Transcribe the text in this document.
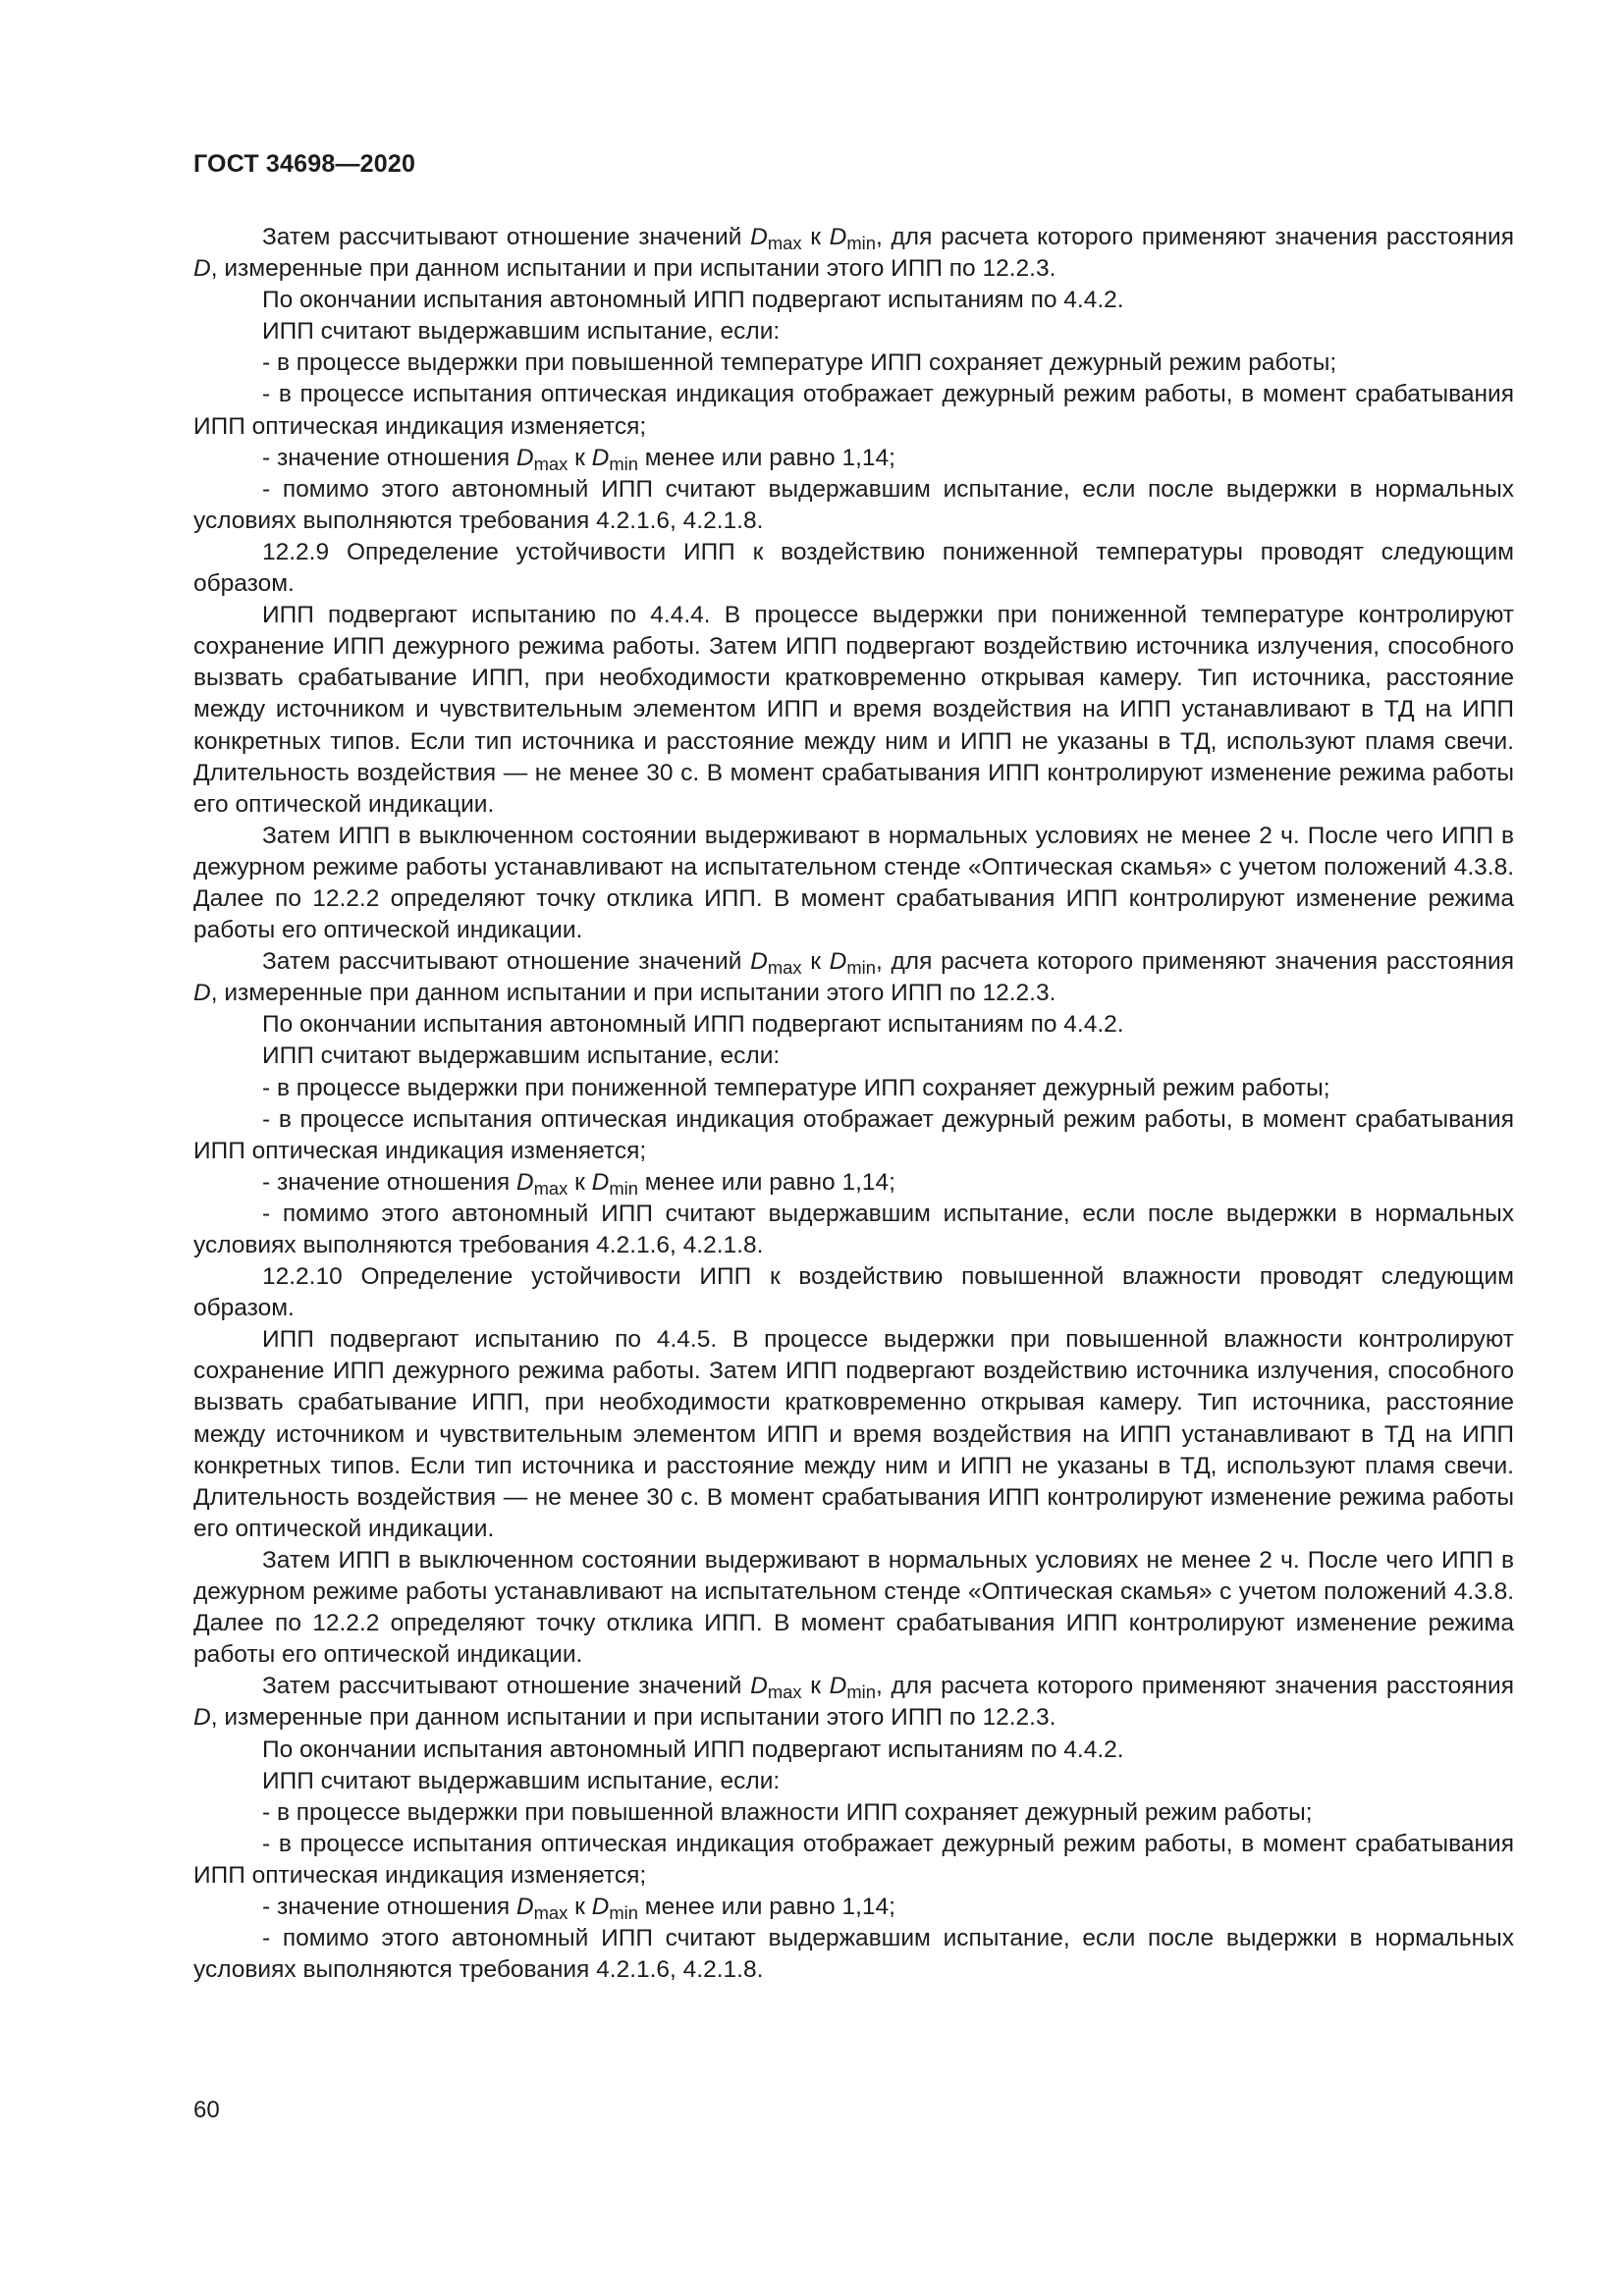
ГОСТ 34698—2020

Затем рассчитывают отношение значений $D_{max}$ к $D_{min}$, для расчета которого применяют значения расстояния D, измеренные при данном испытании и при испытании этого ИПП по 12.2.3.

По окончании испытания автономный ИПП подвергают испытаниям по 4.4.2.

ИПП считают выдержавшим испытание, если:

- в процессе выдержки при повышенной температуре ИПП сохраняет дежурный режим работы;

- в процессе испытания оптическая индикация отображает дежурный режим работы, в момент срабатывания ИПП оптическая индикация изменяется;

- значение отношения $D_{max}$ к $D_{min}$ менее или равно 1,14;

- помимо этого автономный ИПП считают выдержавшим испытание, если после выдержки в нормальных условиях выполняются требования 4.2.1.6, 4.2.1.8.

12.2.9 Определение устойчивости ИПП к воздействию пониженной температуры проводят следующим образом.

ИПП подвергают испытанию по 4.4.4. В процессе выдержки при пониженной температуре контролируют сохранение ИПП дежурного режима работы. Затем ИПП подвергают воздействию источника излучения, способного вызвать срабатывание ИПП, при необходимости кратковременно открывая камеру. Тип источника, расстояние между источником и чувствительным элементом ИПП и время воздействия на ИПП устанавливают в ТД на ИПП конкретных типов. Если тип источника и расстояние между ним и ИПП не указаны в ТД, используют пламя свечи. Длительность воздействия — не менее 30 с. В момент срабатывания ИПП контролируют изменение режима работы его оптической индикации.

Затем ИПП в выключенном состоянии выдерживают в нормальных условиях не менее 2 ч. После чего ИПП в дежурном режиме работы устанавливают на испытательном стенде «Оптическая скамья» с учетом положений 4.3.8. Далее по 12.2.2 определяют точку отклика ИПП. В момент срабатывания ИПП контролируют изменение режима работы его оптической индикации.

Затем рассчитывают отношение значений $D_{max}$ к $D_{min}$, для расчета которого применяют значения расстояния D, измеренные при данном испытании и при испытании этого ИПП по 12.2.3.

По окончании испытания автономный ИПП подвергают испытаниям по 4.4.2.

ИПП считают выдержавшим испытание, если:

- в процессе выдержки при пониженной температуре ИПП сохраняет дежурный режим работы;

- в процессе испытания оптическая индикация отображает дежурный режим работы, в момент срабатывания ИПП оптическая индикация изменяется;

- значение отношения $D_{max}$ к $D_{min}$ менее или равно 1,14;

- помимо этого автономный ИПП считают выдержавшим испытание, если после выдержки в нормальных условиях выполняются требования 4.2.1.6, 4.2.1.8.

12.2.10 Определение устойчивости ИПП к воздействию повышенной влажности проводят следующим образом.

ИПП подвергают испытанию по 4.4.5. В процессе выдержки при повышенной влажности контролируют сохранение ИПП дежурного режима работы. Затем ИПП подвергают воздействию источника излучения, способного вызвать срабатывание ИПП, при необходимости кратковременно открывая камеру. Тип источника, расстояние между источником и чувствительным элементом ИПП и время воздействия на ИПП устанавливают в ТД на ИПП конкретных типов. Если тип источника и расстояние между ним и ИПП не указаны в ТД, используют пламя свечи. Длительность воздействия — не менее 30 с. В момент срабатывания ИПП контролируют изменение режима работы его оптической индикации.

Затем ИПП в выключенном состоянии выдерживают в нормальных условиях не менее 2 ч. После чего ИПП в дежурном режиме работы устанавливают на испытательном стенде «Оптическая скамья» с учетом положений 4.3.8. Далее по 12.2.2 определяют точку отклика ИПП. В момент срабатывания ИПП контролируют изменение режима работы его оптической индикации.

Затем рассчитывают отношение значений $D_{max}$ к $D_{min}$, для расчета которого применяют значения расстояния D, измеренные при данном испытании и при испытании этого ИПП по 12.2.3.

По окончании испытания автономный ИПП подвергают испытаниям по 4.4.2.

ИПП считают выдержавшим испытание, если:

- в процессе выдержки при повышенной влажности ИПП сохраняет дежурный режим работы;

- в процессе испытания оптическая индикация отображает дежурный режим работы, в момент срабатывания ИПП оптическая индикация изменяется;

- значение отношения $D_{max}$ к $D_{min}$ менее или равно 1,14;

- помимо этого автономный ИПП считают выдержавшим испытание, если после выдержки в нормальных условиях выполняются требования 4.2.1.6, 4.2.1.8.

60
